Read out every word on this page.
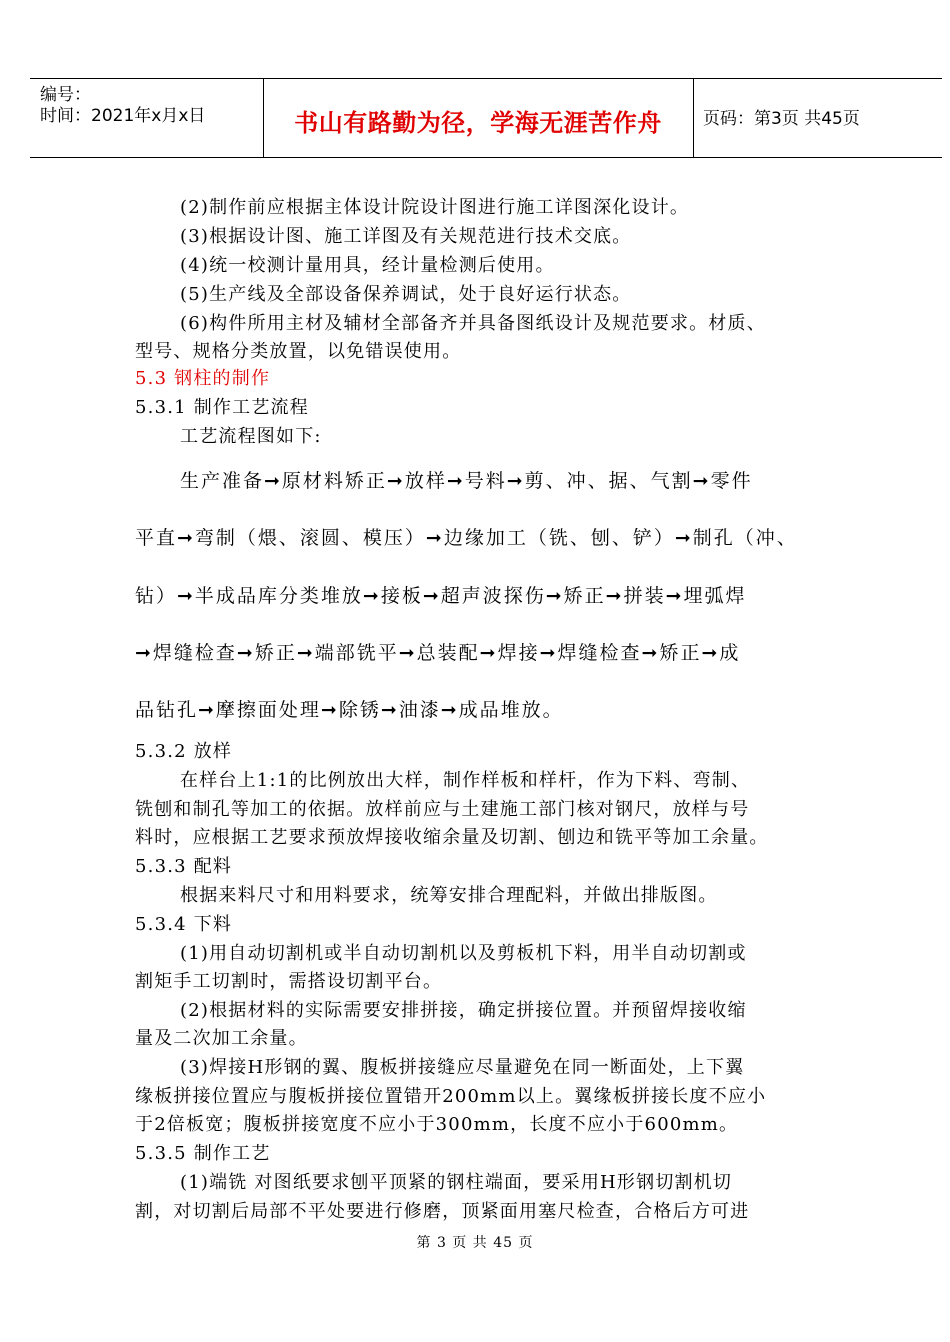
编号：
时间：2021年x月x日	书山有路勤为径，学海无涯苦作舟	页码：第3页 共45页
(2)制作前应根据主体设计院设计图进行施工详图深化设计。
(3)根据设计图、施工详图及有关规范进行技术交底。
(4)统一校测计量用具，经计量检测后使用。
(5)生产线及全部设备保养调试，处于良好运行状态。
(6)构件所用主材及辅材全部备齐并具备图纸设计及规范要求。材质、
型号、规格分类放置，以免错误使用。
5.3 钢柱的制作
5.3.1 制作工艺流程
工艺流程图如下:
生产准备➞原材料矫正➞放样➞号料➞剪、冲、据、气割➞零件
平直➞弯制（煨、滚圆、模压）➞边缘加工（铣、刨、铲）➞制孔（冲、
钻）➞半成品库分类堆放➞接板➞超声波探伤➞矫正➞拼装➞埋弧焊
➞焊缝检查➞矫正➞端部铣平➞总装配➞焊接➞焊缝检查➞矫正➞成
品钻孔➞摩擦面处理➞除锈➞油漆➞成品堆放。
5.3.2 放样
在样台上1:1的比例放出大样，制作样板和样杆，作为下料、弯制、
铣刨和制孔等加工的依据。放样前应与土建施工部门核对钢尺，放样与号
料时，应根据工艺要求预放焊接收缩余量及切割、刨边和铣平等加工余量。
5.3.3 配料
根据来料尺寸和用料要求，统筹安排合理配料，并做出排版图。
5.3.4 下料
(1)用自动切割机或半自动切割机以及剪板机下料，用半自动切割或
割矩手工切割时，需搭设切割平台。
(2)根据材料的实际需要安排拼接，确定拼接位置。并预留焊接收缩
量及二次加工余量。
(3)焊接H形钢的翼、腹板拼接缝应尽量避免在同一断面处，上下翼
缘板拼接位置应与腹板拼接位置错开200mm以上。翼缘板拼接长度不应小
于2倍板宽；腹板拼接宽度不应小于300mm，长度不应小于600mm。
5.3.5 制作工艺
(1)端铣 对图纸要求刨平顶紧的钢柱端面，要采用H形钢切割机切
割，对切割后局部不平处要进行修磨，顶紧面用塞尺检查，合格后方可进
第 3 页 共 45 页
